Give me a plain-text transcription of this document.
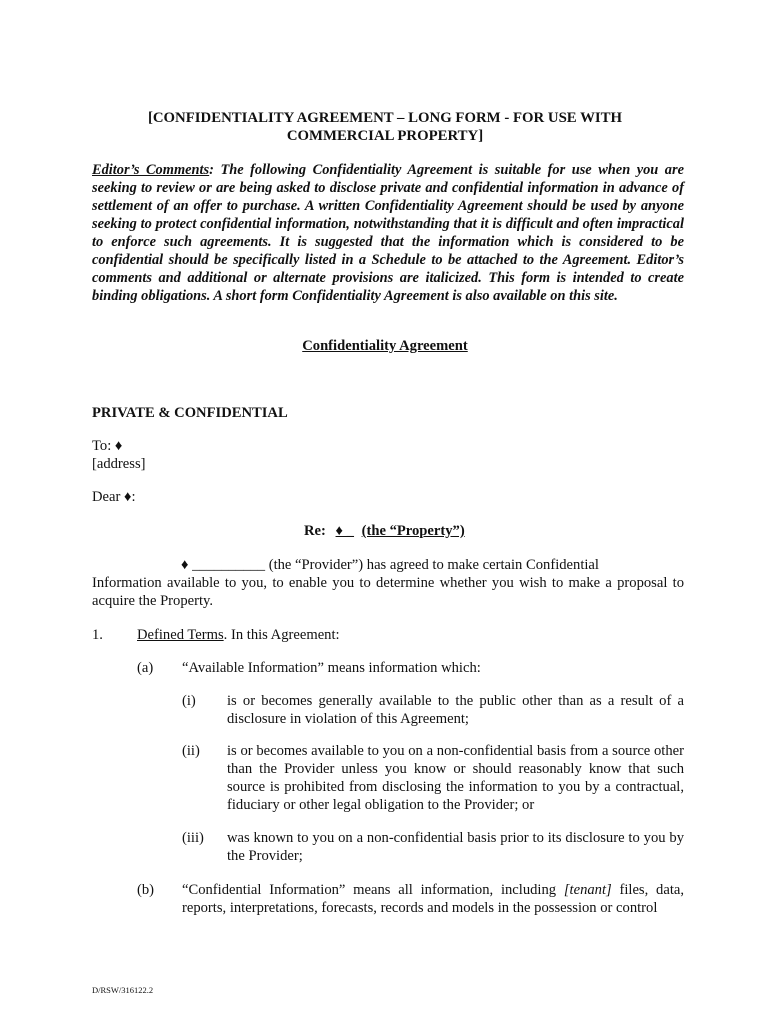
[CONFIDENTIALITY AGREEMENT – LONG FORM - FOR USE WITH
COMMERCIAL PROPERTY]
Editor’s Comments: The following Confidentiality Agreement is suitable for use when you are seeking to review or are being asked to disclose private and confidential information in advance of settlement of an offer to purchase. A written Confidentiality Agreement should be used by anyone seeking to protect confidential information, notwithstanding that it is difficult and often impractical to enforce such agreements. It is suggested that the information which is considered to be confidential should be specifically listed in a Schedule to be attached to the Agreement. Editor’s comments and additional or alternate provisions are italicized. This form is intended to create binding obligations. A short form Confidentiality Agreement is also available on this site.
Confidentiality Agreement
PRIVATE & CONFIDENTIAL
To: ♦
[address]
Dear ♦:
Re: ♦ _ (the “Property”)
♦ __________ (the “Provider”) has agreed to make certain Confidential
Information available to you, to enable you to determine whether you wish to make a proposal to acquire the Property.
1. Defined Terms. In this Agreement:
(a) “Available Information” means information which:
(i) is or becomes generally available to the public other than as a result of a disclosure in violation of this Agreement;
(ii) is or becomes available to you on a non-confidential basis from a source other than the Provider unless you know or should reasonably know that such source is prohibited from disclosing the information to you by a contractual, fiduciary or other legal obligation to the Provider; or
(iii) was known to you on a non-confidential basis prior to its disclosure to you by the Provider;
(b) “Confidential Information” means all information, including [tenant] files, data, reports, interpretations, forecasts, records and models in the possession or control
D/RSW/316122.2
